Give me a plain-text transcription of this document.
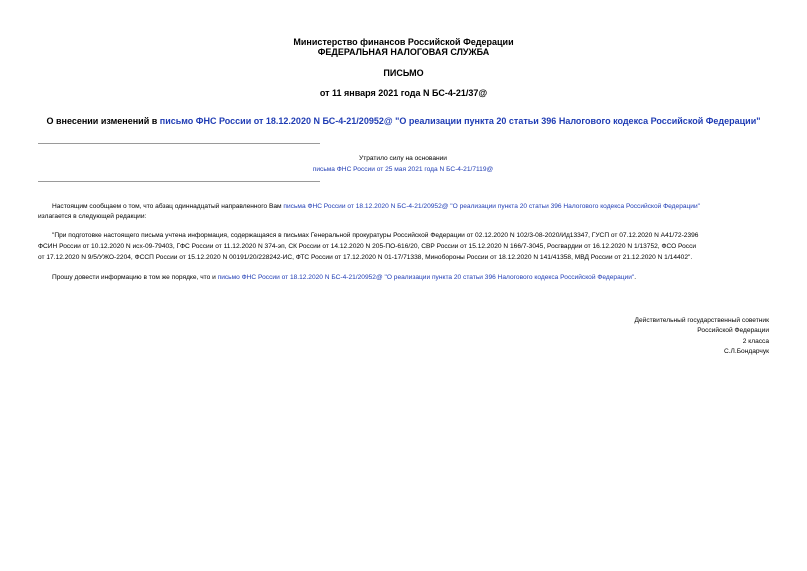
Министерство финансов Российской Федерации
ФЕДЕРАЛЬНАЯ НАЛОГОВАЯ СЛУЖБА
ПИСЬМО
от 11 января 2021 года N БС-4-21/37@
О внесении изменений в письмо ФНС России от 18.12.2020 N БС-4-21/20952@ "О реализации пункта 20 статьи 396 Налогового кодекса Российской Федерации"
Утратило силу на основании
письма ФНС России от 25 мая 2021 года N БС-4-21/7119@
Настоящим сообщаем о том, что абзац одиннадцатый направленного Вам письма ФНС России от 18.12.2020 N БС-4-21/20952@ "О реализации пункта 20 статьи 396 Налогового кодекса Российской Федерации"
излагается в следующей редакции:
"При подготовке настоящего письма учтена информация, содержащаяся в письмах Генеральной прокуратуры Российской Федерации от 02.12.2020 N 102/3-08-2020/Ид13347, ГУСП от 07.12.2020 N А41/72-2396
ФСИН России от 10.12.2020 N исх-09-79403, ГФС России от 11.12.2020 N 374-эп, СК России от 14.12.2020 N 205-ПО-616/20, СВР России от 15.12.2020 N 166/7-3045, Росгвардии от 16.12.2020 N 1/13752, ФСО Росси
от 17.12.2020 N 9/5/УЖО-2204, ФССП России от 15.12.2020 N 00191/20/228242-ИС, ФТС России от 17.12.2020 N 01-17/71338, Минобороны России от 18.12.2020 N 141/41358, МВД России от 21.12.2020 N 1/14402".
Прошу довести информацию в том же порядке, что и письмо ФНС России от 18.12.2020 N БС-4-21/20952@ "О реализации пункта 20 статьи 396 Налогового кодекса Российской Федерации".
Действительный государственный советник
Российской Федерации
2 класса
С.Л.Бондарчук
